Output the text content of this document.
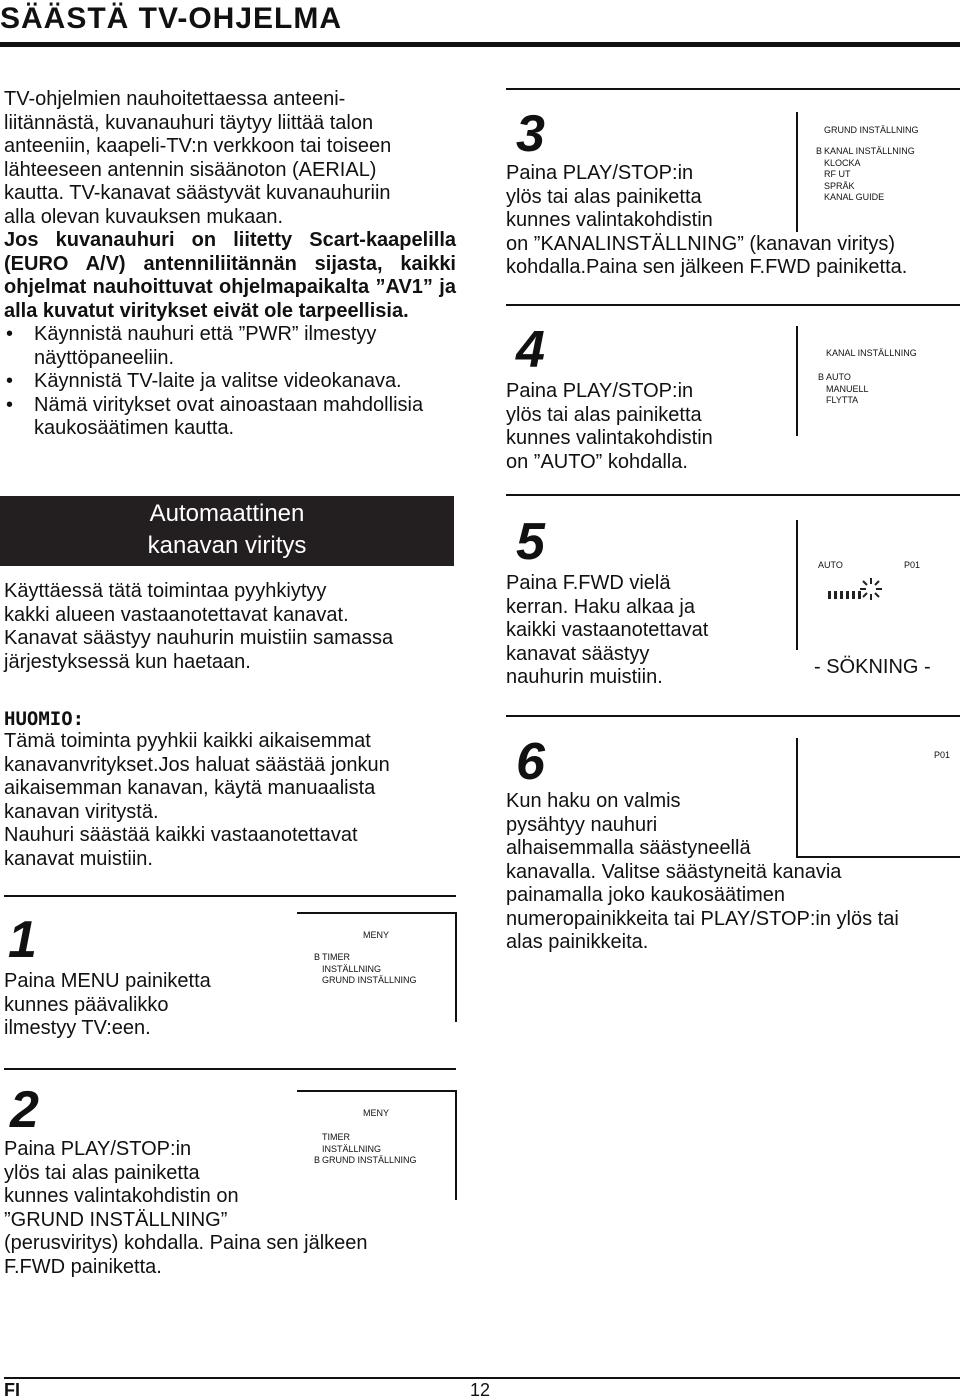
SÄÄSTÄ TV-OHJELMA
TV-ohjelmien nauhoitettaessa anteeni-
liitännästä, kuvanauhuri täytyy liittää talon
anteeniin, kaapeli-TV:n verkkoon tai toiseen
lähteeseen antennin sisäänoton (AERIAL)
kautta. TV-kanavat säästyvät kuvanauhuriin
alla olevan kuvauksen mukaan.
Jos kuvanauhuri on liitetty Scart-kaapelilla (EURO A/V) antenniliitännän sijasta, kaikki ohjelmat nauhoittuvat ohjelmapaikalta ”AV1” ja alla kuvatut viritykset eivät ole tarpeellisia.
• Käynnistä nauhuri että ”PWR” ilmestyy näyttöpaneeliin.
• Käynnistä TV-laite ja valitse videokanava.
• Nämä viritykset ovat ainoastaan mahdollisia kaukosäätimen kautta.
Automaattinen
kanavan viritys
Käyttäessä tätä toimintaa pyyhkiytyy
kakki alueen vastaanotettavat kanavat.
Kanavat säästyy nauhurin muistiin samassa
järjestyksessä kun haetaan.
HUOMIO:
Tämä toiminta pyyhkii kaikki aikaisemmat
kanavanvritykset.Jos haluat säästää jonkun
aikaisemman kanavan, käytä manuaalista
kanavan viritystä.
Nauhuri säästää kaikki vastaanotettavat
kanavat muistiin.
1
Paina MENU painiketta
kunnes päävalikko
ilmestyy TV:een.
MENY
B TIMER
INSTÄLLNING
GRUND INSTÄLLNING
2
Paina PLAY/STOP:in
ylös tai alas painiketta
kunnes valintakohdistin on
”GRUND INSTÄLLNING”
(perusviritys) kohdalla. Paina sen jälkeen
F.FWD painiketta.
MENY
B
TIMER
INSTÄLLNING
GRUND INSTÄLLNING
FI	12
3
Paina PLAY/STOP:in
ylös tai alas painiketta
kunnes valintakohdistin
on ”KANALINSTÄLLNING” (kanavan viritys)
kohdalla.Paina sen jälkeen F.FWD painiketta.
GRUND INSTÄLLNING
B KANAL INSTÄLLNING
KLOCKA
RF UT
SPRÅK
KANAL GUIDE
4
Paina PLAY/STOP:in
ylös tai alas painiketta
kunnes valintakohdistin
on ”AUTO” kohdalla.
KANAL INSTÄLLNING
B AUTO
MANUELL
FLYTTA
5
Paina F.FWD vielä
kerran. Haku alkaa ja
kaikki vastaanotettavat
kanavat säästyy
nauhurin muistiin.
AUTO	P01
- SÖKNING -
6
Kun haku on valmis
pysähtyy nauhuri
alhaisemmalla säästyneellä
kanavalla. Valitse säästyneitä kanavia
painamalla joko kaukosäätimen
numeropainikkeita tai PLAY/STOP:in ylös tai
alas painikkeita.
P01
